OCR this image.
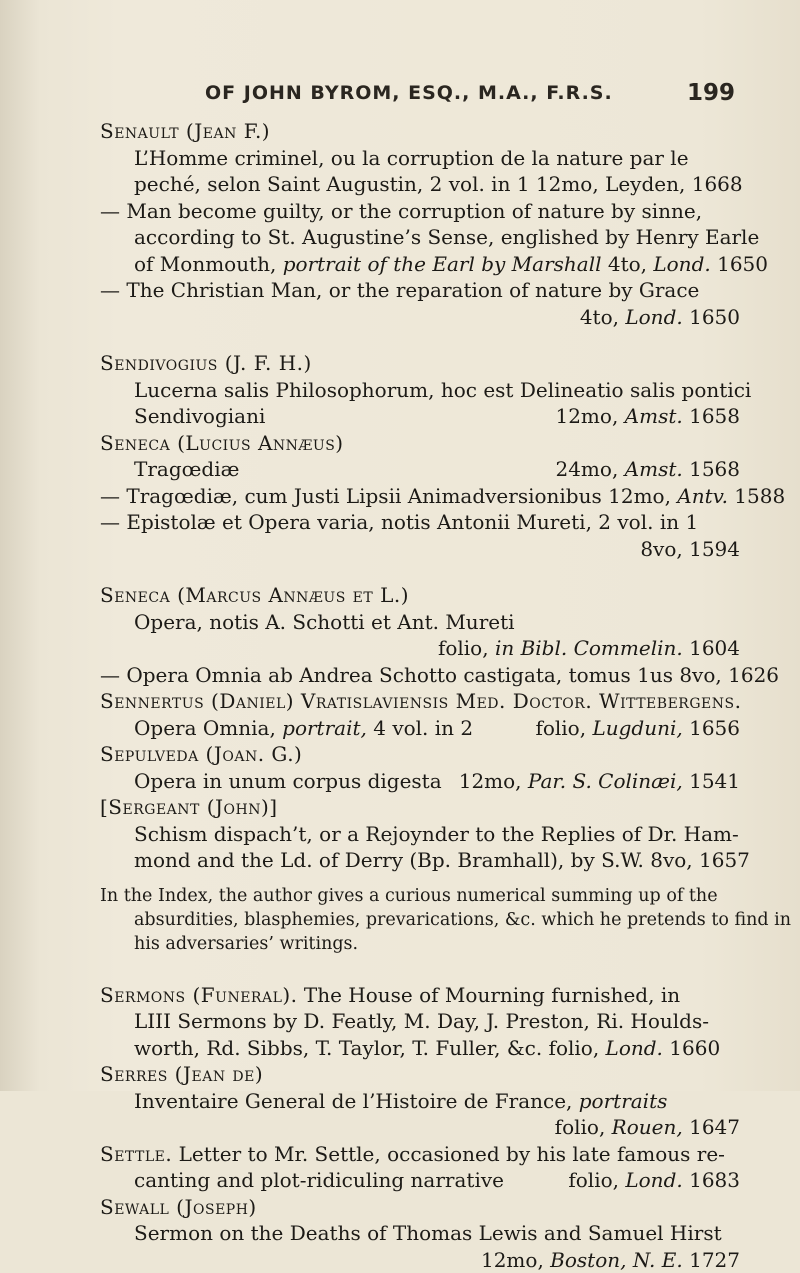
OF JOHN BYROM, ESQ., M.A., F.R.S.	199
Senault (Jean F.)
L’Homme criminel, ou la corruption de la nature par le
peché, selon Saint Augustin, 2 vol. in 1 12mo, Leyden, 1668
— Man become guilty, or the corruption of nature by sinne,
according to St. Augustine’s Sense, englished by Henry Earle
of Monmouth, portrait of the Earl by Marshall 4to, Lond. 1650
— The Christian Man, or the reparation of nature by Grace
4to, Lond. 1650
Sendivogius (J. F. H.)
Lucerna salis Philosophorum, hoc est Delineatio salis pontici
Sendivogiani	12mo, Amst. 1658
Seneca (Lucius Annæus)
Tragœdiæ	24mo, Amst. 1568
— Tragœdiæ, cum Justi Lipsii Animadversionibus 12mo, Antv. 1588
— Epistolæ et Opera varia, notis Antonii Mureti, 2 vol. in 1
8vo, 1594
Seneca (Marcus Annæus et L.)
Opera, notis A. Schotti et Ant. Mureti
folio, in Bibl. Commelin. 1604
— Opera Omnia ab Andrea Schotto castigata, tomus 1us 8vo, 1626
Sennertus (Daniel) Vratislaviensis Med. Doctor. Wittebergens.
Opera Omnia, portrait, 4 vol. in 2	folio, Lugduni, 1656
Sepulveda (Joan. G.)
Opera in unum corpus digesta 12mo, Par. S. Colinæi, 1541
[Sergeant (John)]
Schism dispach’t, or a Rejoynder to the Replies of Dr. Ham-
mond and the Ld. of Derry (Bp. Bramhall), by S.W. 8vo, 1657
In the Index, the author gives a curious numerical summing up of the
absurdities, blasphemies, prevarications, &c. which he pretends to find in
his adversaries’ writings.
Sermons (Funeral). The House of Mourning furnished, in
LIII Sermons by D. Featly, M. Day, J. Preston, Ri. Houlds-
worth, Rd. Sibbs, T. Taylor, T. Fuller, &c. folio, Lond. 1660
Serres (Jean de)
Inventaire General de l’Histoire de France, portraits
folio, Rouen, 1647
Settle. Letter to Mr. Settle, occasioned by his late famous re-
canting and plot-ridiculing narrative	folio, Lond. 1683
Sewall (Joseph)
Sermon on the Deaths of Thomas Lewis and Samuel Hirst
12mo, Boston, N. E. 1727
